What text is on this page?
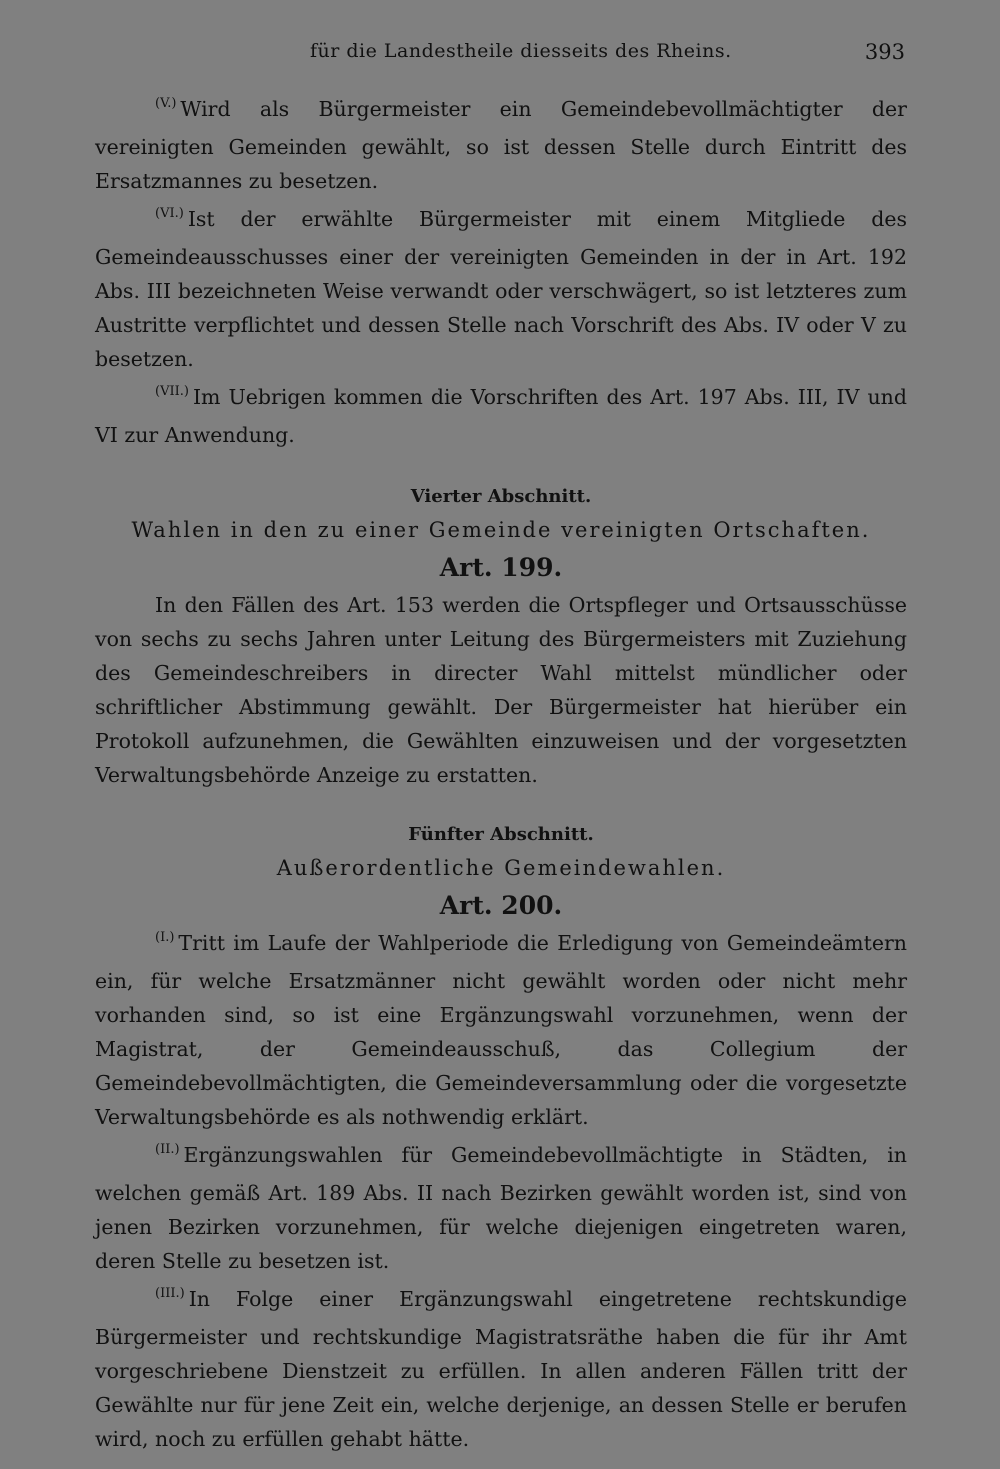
für die Landestheile diesseits des Rheins.	393

$^{(V.)}$ Wird als Bürgermeister ein Gemeindebevollmächtigter der vereinigten Gemeinden gewählt, so ist dessen Stelle durch Eintritt des Ersatzmannes zu besetzen.

$^{(VI.)}$ Ist der erwählte Bürgermeister mit einem Mitgliede des Gemeindeausschusses einer der vereinigten Gemeinden in der in Art. 192 Abs. III bezeichneten Weise verwandt oder verschwägert, so ist letzteres zum Austritte verpflichtet und dessen Stelle nach Vorschrift des Abs. IV oder V zu besetzen.

$^{(VII.)}$ Im Uebrigen kommen die Vorschriften des Art. 197 Abs. III, IV und VI zur Anwendung.

Vierter Abschnitt.
Wahlen in den zu einer Gemeinde vereinigten Ortschaften.
Art. 199.

In den Fällen des Art. 153 werden die Ortspfleger und Ortsausschüsse von sechs zu sechs Jahren unter Leitung des Bürgermeisters mit Zuziehung des Gemeindeschreibers in directer Wahl mittelst mündlicher oder schriftlicher Abstimmung gewählt. Der Bürgermeister hat hierüber ein Protokoll aufzunehmen, die Gewählten einzuweisen und der vorgesetzten Verwaltungsbehörde Anzeige zu erstatten.

Fünfter Abschnitt.
Außerordentliche Gemeindewahlen.
Art. 200.

$^{(I.)}$ Tritt im Laufe der Wahlperiode die Erledigung von Gemeindeämtern ein, für welche Ersatzmänner nicht gewählt worden oder nicht mehr vorhanden sind, so ist eine Ergänzungswahl vorzunehmen, wenn der Magistrat, der Gemeindeausschuß, das Collegium der Gemeindebevollmächtigten, die Gemeindeversammlung oder die vorgesetzte Verwaltungsbehörde es als nothwendig erklärt.

$^{(II.)}$ Ergänzungswahlen für Gemeindebevollmächtigte in Städten, in welchen gemäß Art. 189 Abs. II nach Bezirken gewählt worden ist, sind von jenen Bezirken vorzunehmen, für welche diejenigen eingetreten waren, deren Stelle zu besetzen ist.

$^{(III.)}$ In Folge einer Ergänzungswahl eingetretene rechtskundige Bürgermeister und rechtskundige Magistratsräthe haben die für ihr Amt vorgeschriebene Dienstzeit zu erfüllen. In allen anderen Fällen tritt der Gewählte nur für jene Zeit ein, welche derjenige, an dessen Stelle er berufen wird, noch zu erfüllen gehabt hätte.
